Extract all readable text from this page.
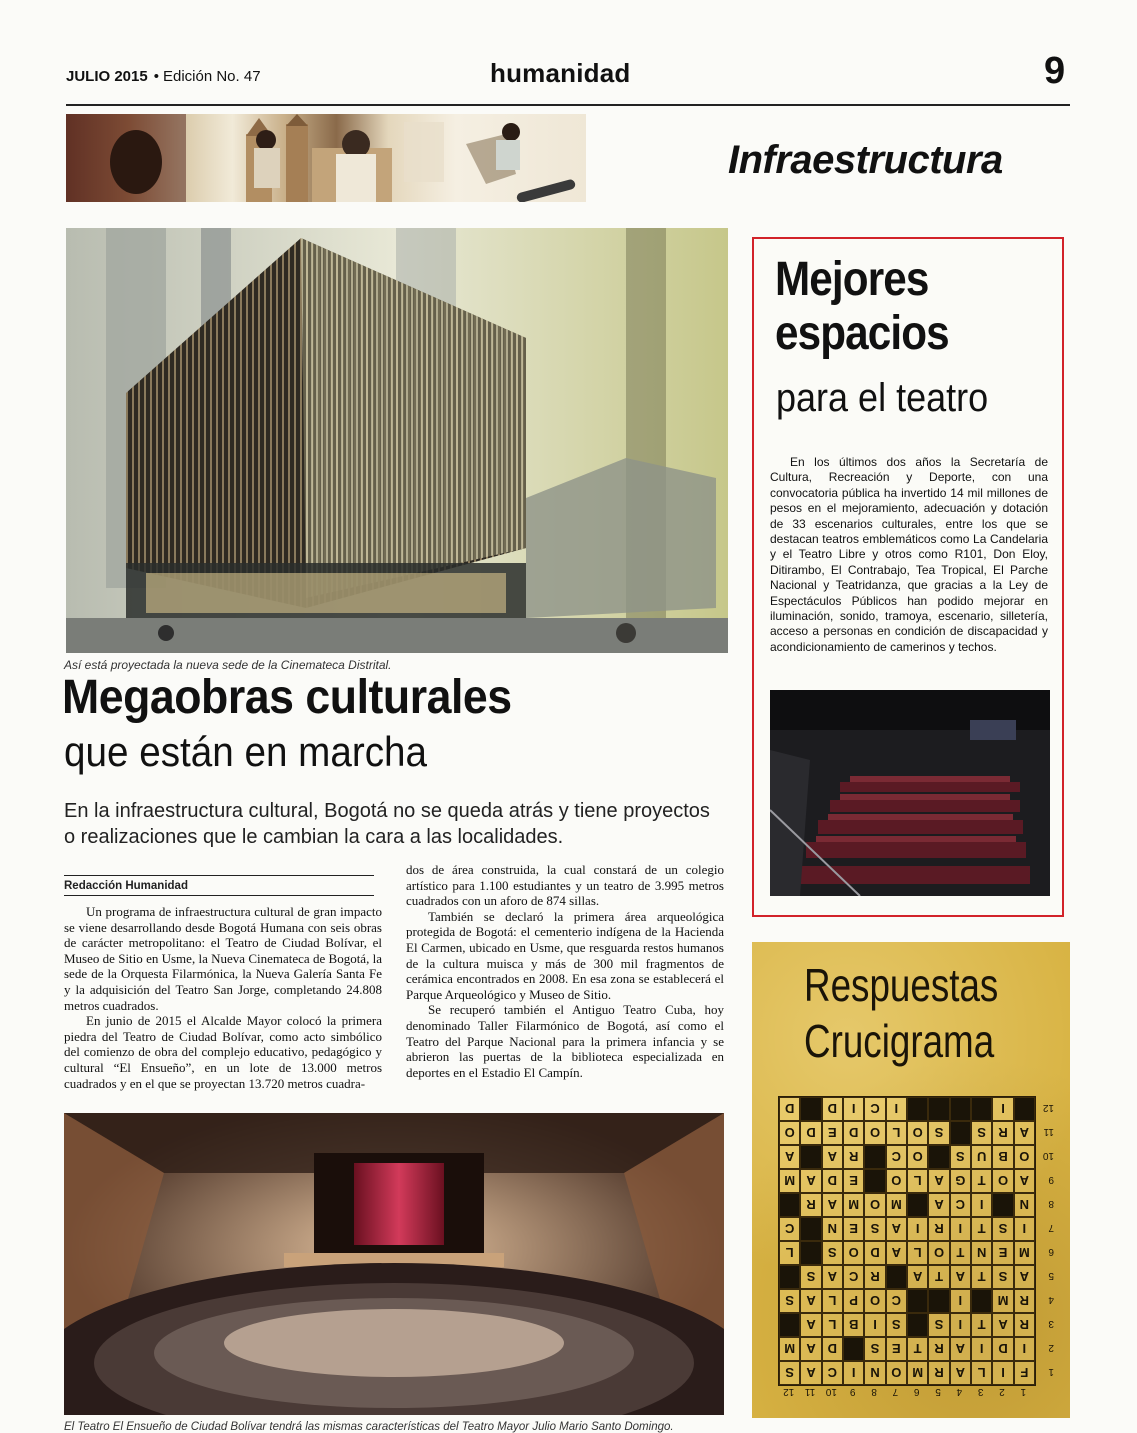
JULIO 2015 • Edición No. 47	humanidad	9
Infraestructura
Así está proyectada la nueva sede de la Cinemateca Distrital.
Megaobras culturales
que están en marcha
En la infraestructura cultural, Bogotá no se queda atrás y tiene proyectos o realizaciones que le cambian la cara a las localidades.
Redacción Humanidad

Un programa de infraestructura cultural de gran impacto se viene desarrollando desde Bogotá Humana con seis obras de carácter metropolitano: el Teatro de Ciudad Bolívar, el Museo de Sitio en Usme, la Nueva Cinemateca de Bogotá, la sede de la Orquesta Filarmónica, la Nueva Galería Santa Fe y la adquisición del Teatro San Jorge, completando 24.808 metros cuadrados.

En junio de 2015 el Alcalde Mayor colocó la primera piedra del Teatro de Ciudad Bolívar, como acto simbólico del comienzo de obra del complejo educativo, pedagógico y cultural “El Ensueño”, en un lote de 13.000 metros cuadrados y en el que se proyectan 13.720 metros cuadra-

dos de área construida, la cual constará de un colegio artístico para 1.100 estudiantes y un teatro de 3.995 metros cuadrados con un aforo de 874 sillas.

También se declaró la primera área arqueológica protegida de Bogotá: el cementerio indígena de la Hacienda El Carmen, ubicado en Usme, que resguarda restos humanos de la cultura muisca y más de 300 mil fragmentos de cerámica encontrados en 2008. En esa zona se establecerá el Parque Arqueológico y Museo de Sitio.

Se recuperó también el Antiguo Teatro Cuba, hoy denominado Taller Filarmónico de Bogotá, así como el Teatro del Parque Nacional para la primera infancia y se abrieron las puertas de la biblioteca especializada en deportes en el Estadio El Campín.

El Teatro El Ensueño de Ciudad Bolívar tendrá las mismas características del Teatro Mayor Julio Mario Santo Domingo.
Mejores
espacios
para el teatro

En los últimos dos años la Secretaría de Cultura, Recreación y Deporte, con una convocatoria pública ha invertido 14 mil millones de pesos en el mejoramiento, adecuación y dotación de 33 escenarios culturales, entre los que se destacan teatros emblemáticos como La Candelaria y el Teatro Libre y otros como R101, Don Eloy, Ditirambo, El Contrabajo, Tea Tropical, El Parche Nacional y Teatridanza, que gracias a la Ley de Espectáculos Públicos han podido mejorar en iluminación, sonido, tramoya, escenario, silletería, acceso a personas en condición de discapacidad y acondicionamiento de camerinos y techos.

Respuestas
Crucigrama
F
I
L
A
R
M
O
N
I
C
A
S
I
D
I
A
R
T
E
S
D
A
M
R
A
T
I
S
S
I
B
L
A
R
M
I
C
O
P
L
A
S
A
S
T
A
T
A
R
C
A
S
M
E
N
T
O
L
A
D
O
S
L
I
S
T
I
R
I
A
S
E
N
C
N
I
C
A
M
O
M
A
R
A
O
T
G
A
L
O
E
D
A
M
O
B
U
S
O
C
R
A
A
A
R
S
S
O
L
O
D
E
D
O
I
I
C
I
D
D
1
2
3
4
5
6
7
8
9
10
11
12
1
2
3
4
5
6
7
8
9
10
11
12
